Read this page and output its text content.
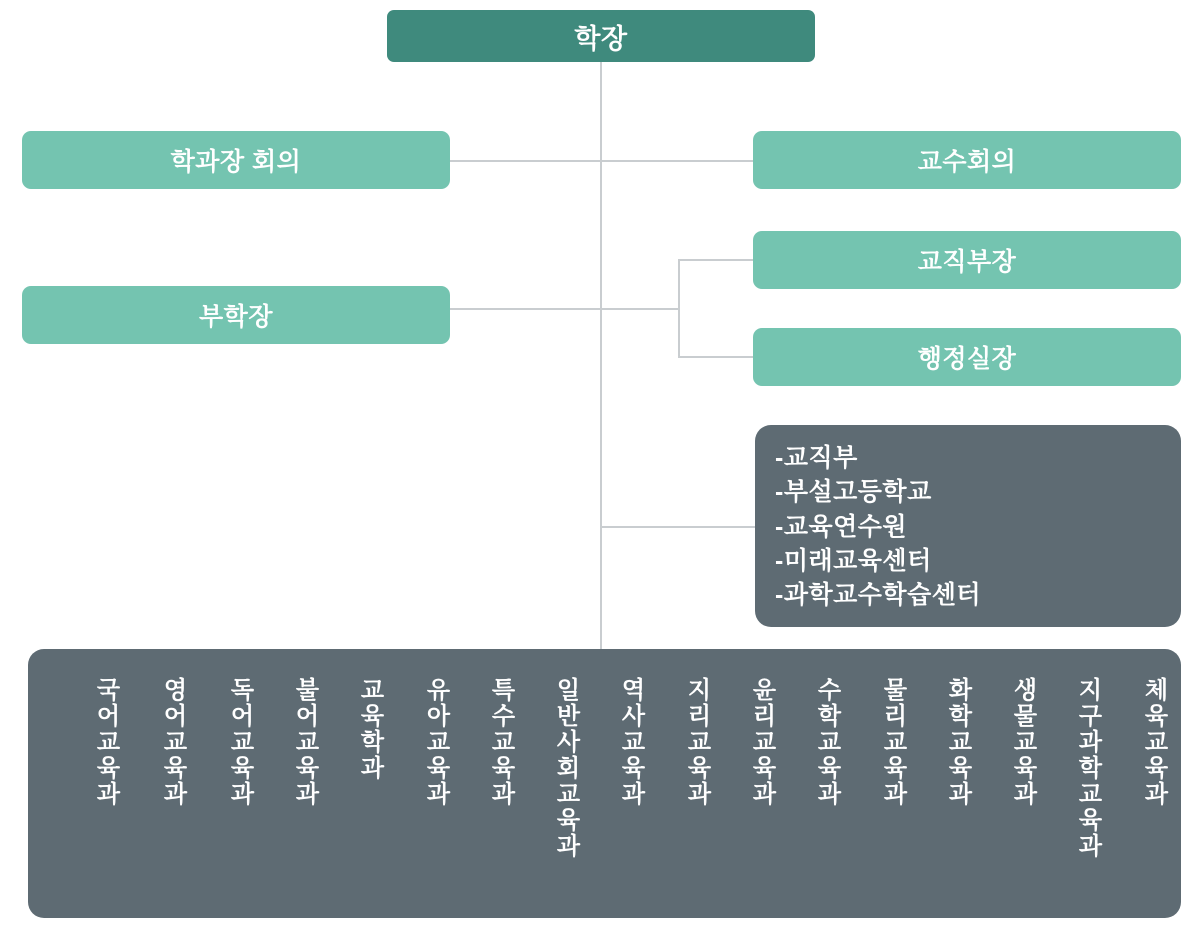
학장
학과장 회의
부학장
교수회의
교직부장
행정실장
-교직부
-부설고등학교
-교육연수원
-미래교육센터
-과학교수학습센터
국어교육과	영어교육과	독어교육과	불어교육과	교육학과	유아교육과	특수교육과	일반사회교육과	역사교육과	지리교육과	윤리교육과	수학교육과	물리교육과	화학교육과	생물교육과	지구과학교육과	체육교육과
